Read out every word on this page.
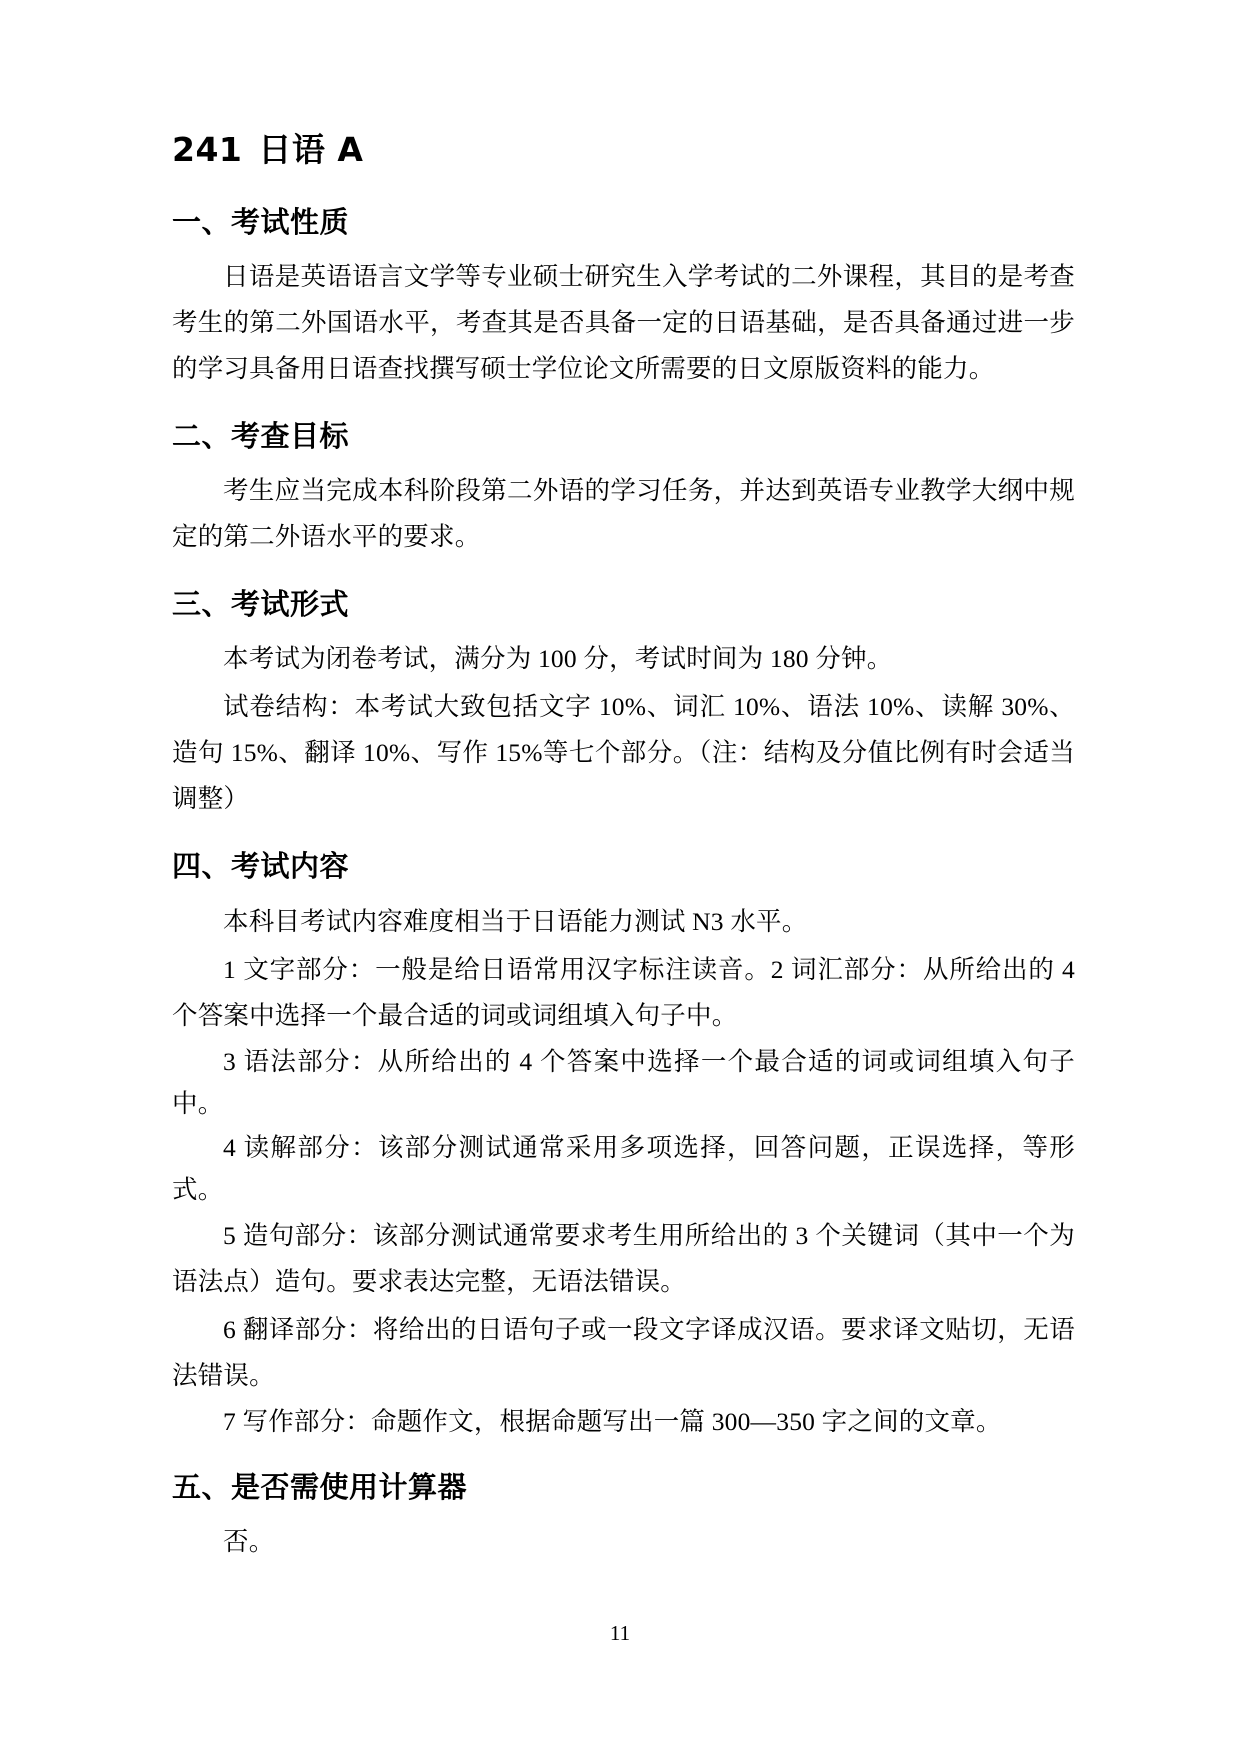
241 日语 A
一、考试性质

日语是英语语言文学等专业硕士研究生入学考试的二外课程，其目的是考查考生的第二外国语水平，考查其是否具备一定的日语基础，是否具备通过进一步的学习具备用日语查找撰写硕士学位论文所需要的日文原版资料的能力。

二、考查目标

考生应当完成本科阶段第二外语的学习任务，并达到英语专业教学大纲中规定的第二外语水平的要求。

三、考试形式

本考试为闭卷考试，满分为 100 分，考试时间为 180 分钟。

试卷结构：本考试大致包括文字 10%、词汇 10%、语法 10%、读解 30%、造句 15%、翻译 10%、写作 15%等七个部分。（注：结构及分值比例有时会适当调整）

四、考试内容

本科目考试内容难度相当于日语能力测试 N3 水平。

1 文字部分：一般是给日语常用汉字标注读音。2 词汇部分：从所给出的 4 个答案中选择一个最合适的词或词组填入句子中。

3 语法部分：从所给出的 4 个答案中选择一个最合适的词或词组填入句子中。

4 读解部分：该部分测试通常采用多项选择，回答问题，正误选择，等形式。

5 造句部分：该部分测试通常要求考生用所给出的 3 个关键词（其中一个为语法点）造句。要求表达完整，无语法错误。

6 翻译部分：将给出的日语句子或一段文字译成汉语。要求译文贴切，无语法错误。

7 写作部分：命题作文，根据命题写出一篇 300—350 字之间的文章。

五、是否需使用计算器

否。

11
